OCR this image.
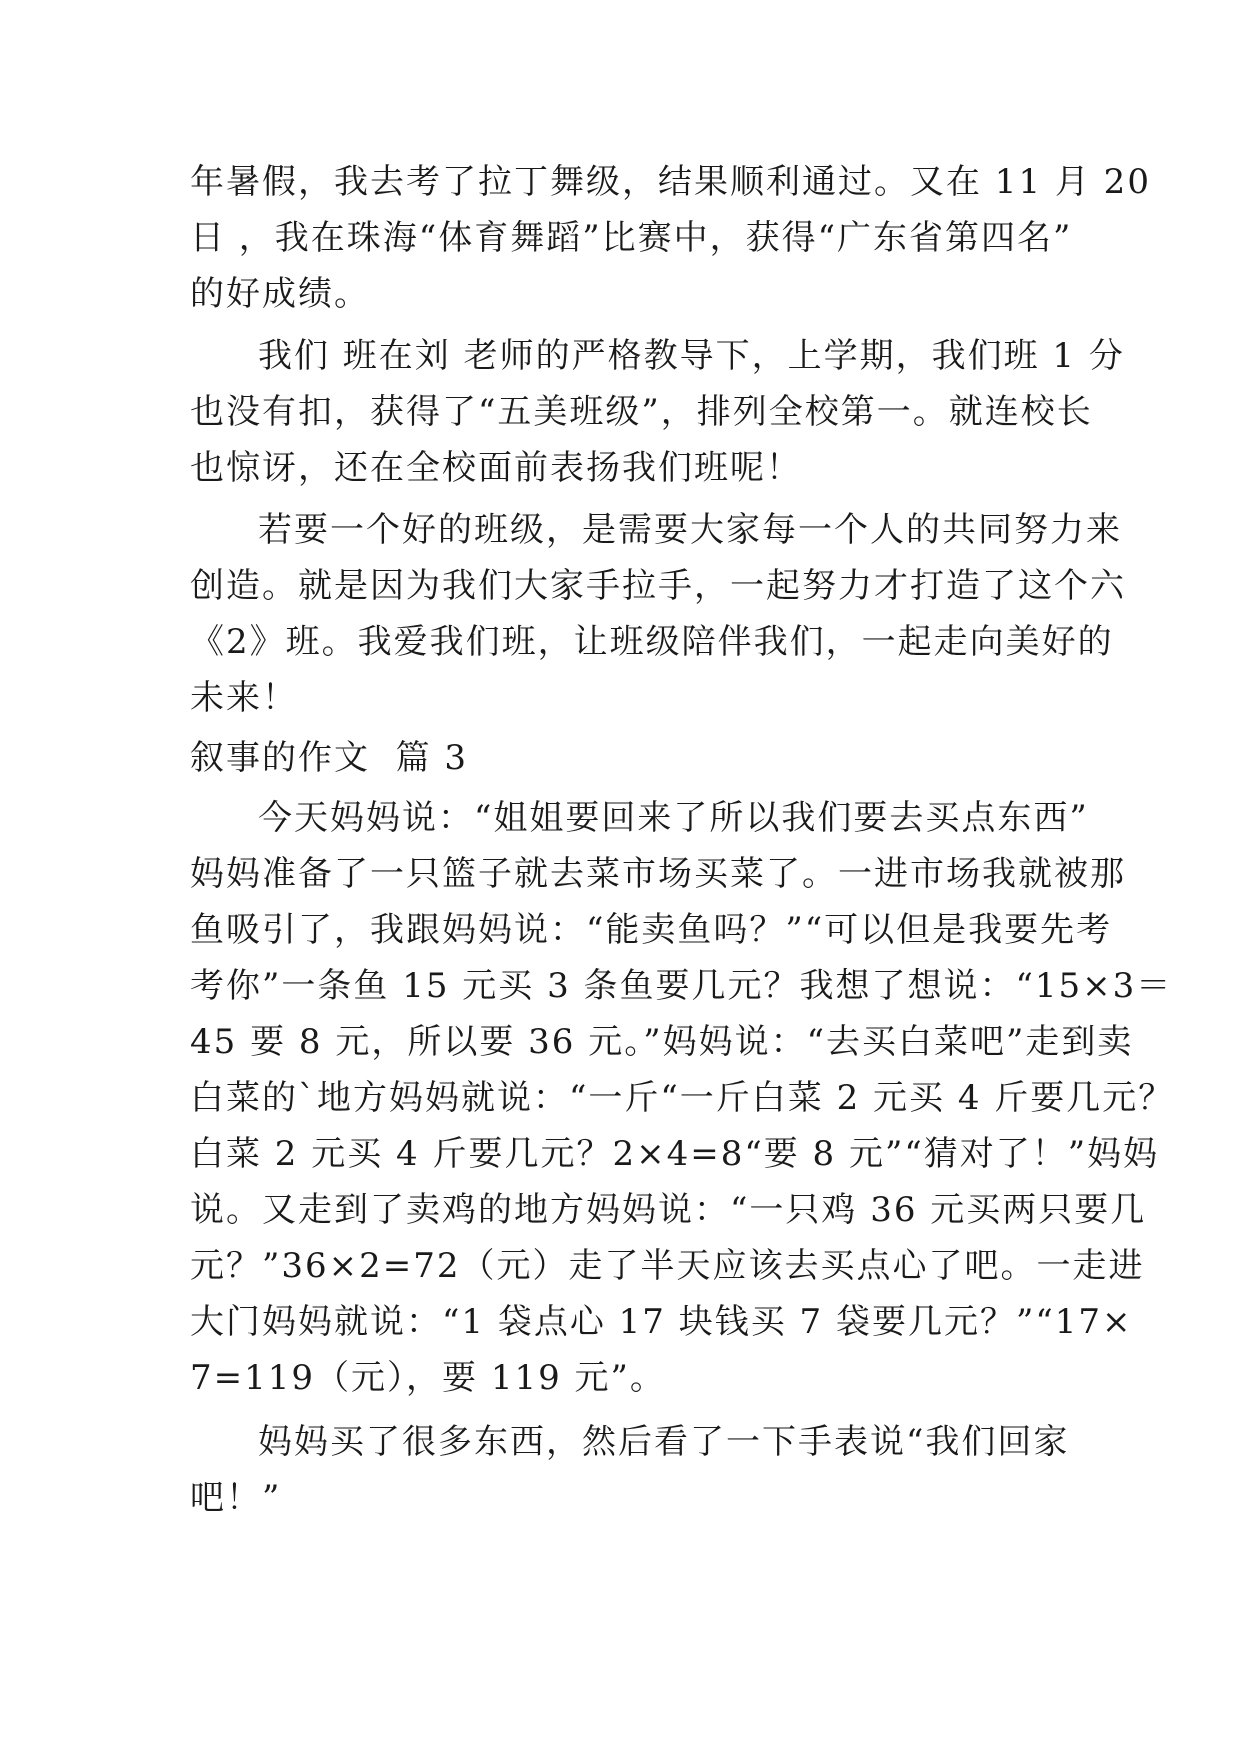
年暑假，我去考了拉丁舞级，结果顺利通过。又在 11 月 20
日 ，我在珠海“体育舞蹈”比赛中，获得“广东省第四名”
的好成绩。
我们 班在刘 老师的严格教导下，上学期，我们班 1 分
也没有扣，获得了“五美班级”，排列全校第一。就连校长
也惊讶，还在全校面前表扬我们班呢！
若要一个好的班级，是需要大家每一个人的共同努力来
创造。就是因为我们大家手拉手，一起努力才打造了这个六
《2》班。我爱我们班，让班级陪伴我们，一起走向美好的
未来！
叙事的作文  篇 3
今天妈妈说：“姐姐要回来了所以我们要去买点东西”
妈妈准备了一只篮子就去菜市场买菜了。一进市场我就被那
鱼吸引了，我跟妈妈说：“能卖鱼吗？”“可以但是我要先考
考你”一条鱼 15 元买 3 条鱼要几元？我想了想说：“15×3＝
45 要 8 元，所以要 36 元。”妈妈说：“去买白菜吧”走到卖
白菜的`地方妈妈就说：“一斤“一斤白菜 2 元买 4 斤要几元？
白菜 2 元买 4 斤要几元？2×4=8“要 8 元”“猜对了！”妈妈
说。又走到了卖鸡的地方妈妈说：“一只鸡 36 元买两只要几
元？”36×2=72（元）走了半天应该去买点心了吧。一走进
大门妈妈就说：“1 袋点心 17 块钱买 7 袋要几元？”“17×
7=119（元），要 119 元”。
妈妈买了很多东西，然后看了一下手表说“我们回家
吧！”
